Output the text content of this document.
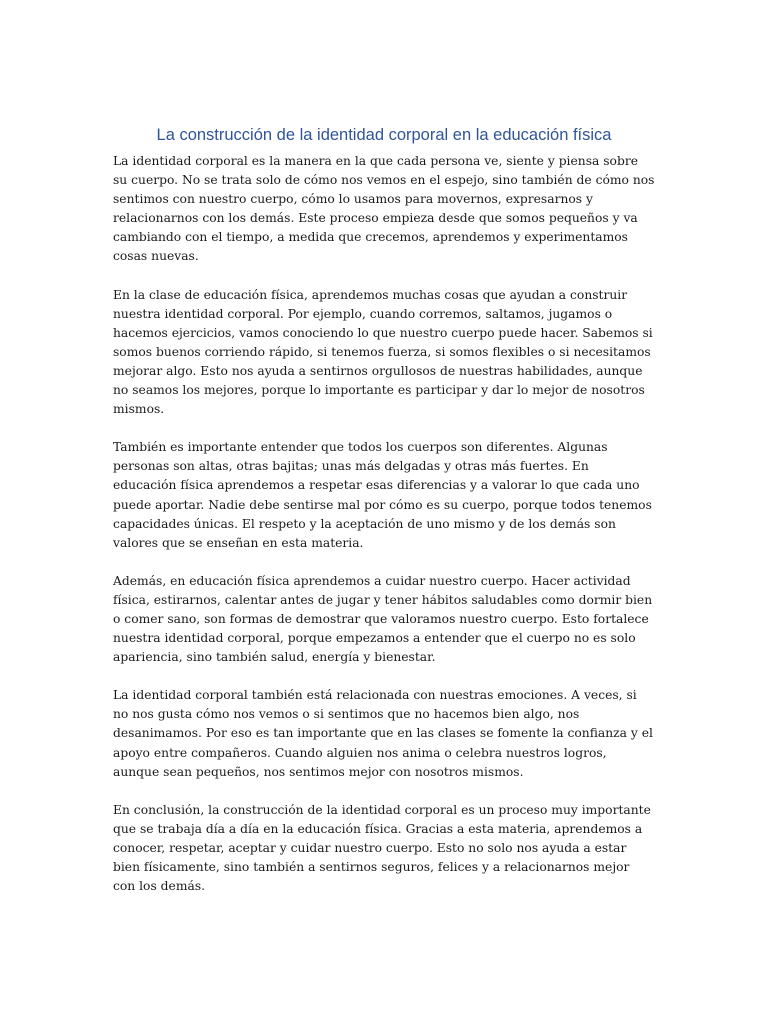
La construcción de la identidad corporal en la educación física

La identidad corporal es la manera en la que cada persona ve, siente y piensa sobre su cuerpo. No se trata solo de cómo nos vemos en el espejo, sino también de cómo nos sentimos con nuestro cuerpo, cómo lo usamos para movernos, expresarnos y relacionarnos con los demás. Este proceso empieza desde que somos pequeños y va cambiando con el tiempo, a medida que crecemos, aprendemos y experimentamos cosas nuevas.

En la clase de educación física, aprendemos muchas cosas que ayudan a construir nuestra identidad corporal. Por ejemplo, cuando corremos, saltamos, jugamos o hacemos ejercicios, vamos conociendo lo que nuestro cuerpo puede hacer. Sabemos si somos buenos corriendo rápido, si tenemos fuerza, si somos flexibles o si necesitamos mejorar algo. Esto nos ayuda a sentirnos orgullosos de nuestras habilidades, aunque no seamos los mejores, porque lo importante es participar y dar lo mejor de nosotros mismos.

También es importante entender que todos los cuerpos son diferentes. Algunas personas son altas, otras bajitas; unas más delgadas y otras más fuertes. En educación física aprendemos a respetar esas diferencias y a valorar lo que cada uno puede aportar. Nadie debe sentirse mal por cómo es su cuerpo, porque todos tenemos capacidades únicas. El respeto y la aceptación de uno mismo y de los demás son valores que se enseñan en esta materia.

Además, en educación física aprendemos a cuidar nuestro cuerpo. Hacer actividad física, estirarnos, calentar antes de jugar y tener hábitos saludables como dormir bien o comer sano, son formas de demostrar que valoramos nuestro cuerpo. Esto fortalece nuestra identidad corporal, porque empezamos a entender que el cuerpo no es solo apariencia, sino también salud, energía y bienestar.

La identidad corporal también está relacionada con nuestras emociones. A veces, si no nos gusta cómo nos vemos o si sentimos que no hacemos bien algo, nos desanimamos. Por eso es tan importante que en las clases se fomente la confianza y el apoyo entre compañeros. Cuando alguien nos anima o celebra nuestros logros, aunque sean pequeños, nos sentimos mejor con nosotros mismos.

En conclusión, la construcción de la identidad corporal es un proceso muy importante que se trabaja día a día en la educación física. Gracias a esta materia, aprendemos a conocer, respetar, aceptar y cuidar nuestro cuerpo. Esto no solo nos ayuda a estar bien físicamente, sino también a sentirnos seguros, felices y a relacionarnos mejor con los demás.
